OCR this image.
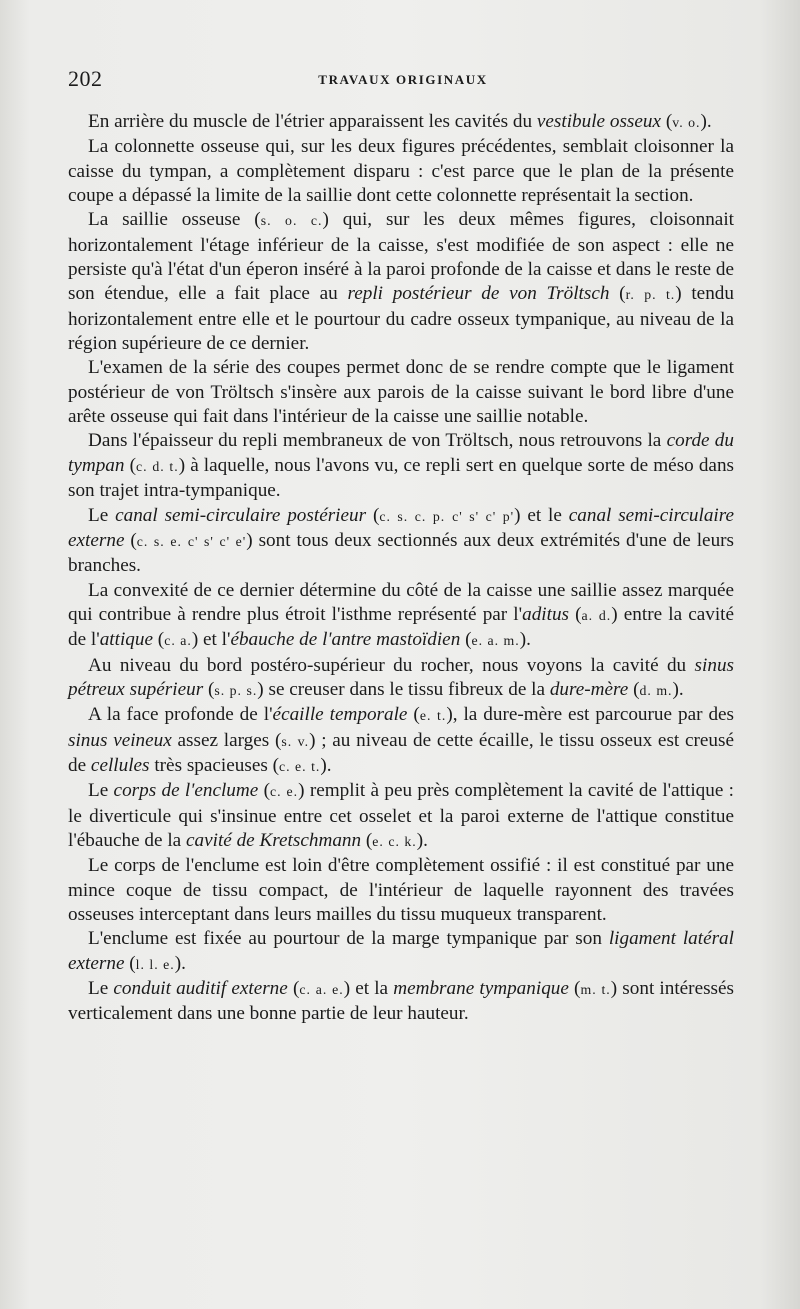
202	TRAVAUX ORIGINAUX

En arrière du muscle de l'étrier apparaissent les cavités du vestibule osseux (v. o.).

La colonnette osseuse qui, sur les deux figures précédentes, semblait cloisonner la caisse du tympan, a complètement disparu : c'est parce que le plan de la présente coupe a dépassé la limite de la saillie dont cette colonnette représentait la section.

La saillie osseuse (s. o. c.) qui, sur les deux mêmes figures, cloisonnait horizontalement l'étage inférieur de la caisse, s'est modifiée de son aspect : elle ne persiste qu'à l'état d'un éperon inséré à la paroi profonde de la caisse et dans le reste de son étendue, elle a fait place au repli postérieur de von Tröltsch (r. p. t.) tendu horizontalement entre elle et le pourtour du cadre osseux tympanique, au niveau de la région supérieure de ce dernier.

L'examen de la série des coupes permet donc de se rendre compte que le ligament postérieur de von Tröltsch s'insère aux parois de la caisse suivant le bord libre d'une arête osseuse qui fait dans l'intérieur de la caisse une saillie notable.

Dans l'épaisseur du repli membraneux de von Tröltsch, nous retrouvons la corde du tympan (c. d. t.) à laquelle, nous l'avons vu, ce repli sert en quelque sorte de méso dans son trajet intra-tympanique.

Le canal semi-circulaire postérieur (c. s. c. p. c' s' c' p') et le canal semi-circulaire externe (c. s. e. c' s' c' e') sont tous deux sectionnés aux deux extrémités d'une de leurs branches.

La convexité de ce dernier détermine du côté de la caisse une saillie assez marquée qui contribue à rendre plus étroit l'isthme représenté par l'aditus (a. d.) entre la cavité de l'attique (c. a.) et l'ébauche de l'antre mastoïdien (e. a. m.).

Au niveau du bord postéro-supérieur du rocher, nous voyons la cavité du sinus pétreux supérieur (s. p. s.) se creuser dans le tissu fibreux de la dure-mère (d. m.).

A la face profonde de l'écaille temporale (e. t.), la dure-mère est parcourue par des sinus veineux assez larges (s. v.) ; au niveau de cette écaille, le tissu osseux est creusé de cellules très spacieuses (c. e. t.).

Le corps de l'enclume (c. e.) remplit à peu près complètement la cavité de l'attique : le diverticule qui s'insinue entre cet osselet et la paroi externe de l'attique constitue l'ébauche de la cavité de Kretschmann (e. c. k.).

Le corps de l'enclume est loin d'être complètement ossifié : il est constitué par une mince coque de tissu compact, de l'intérieur de laquelle rayonnent des travées osseuses interceptant dans leurs mailles du tissu muqueux transparent.

L'enclume est fixée au pourtour de la marge tympanique par son ligament latéral externe (l. l. e.).

Le conduit auditif externe (c. a. e.) et la membrane tympanique (m. t.) sont intéressés verticalement dans une bonne partie de leur hauteur.
